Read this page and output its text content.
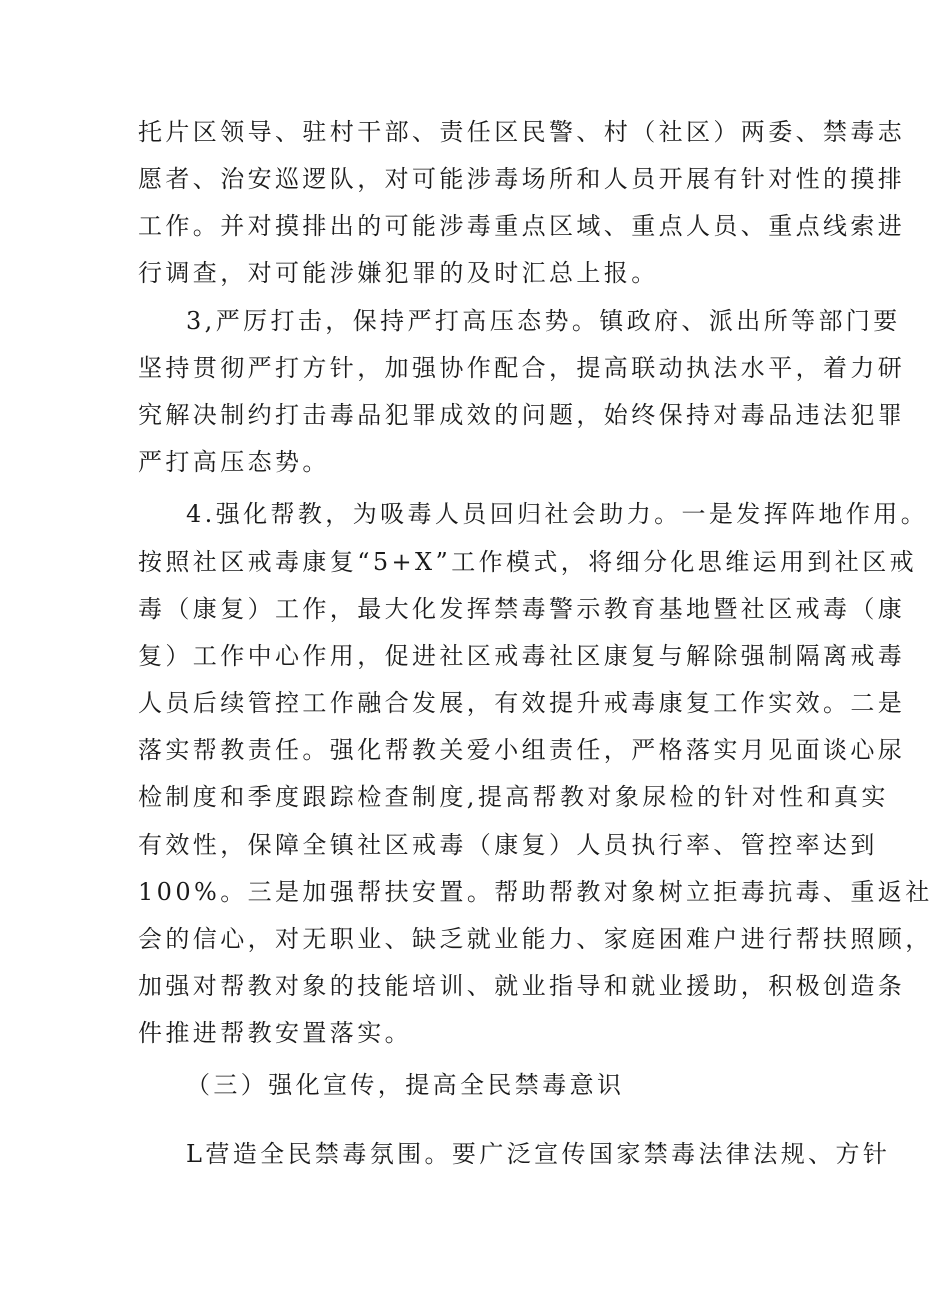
托片区领导、驻村干部、责任区民警、村（社区）两委、禁毒志
愿者、治安巡逻队，对可能涉毒场所和人员开展有针对性的摸排
工作。并对摸排出的可能涉毒重点区域、重点人员、重点线索进
行调查，对可能涉嫌犯罪的及时汇总上报。
3,严厉打击，保持严打高压态势。镇政府、派出所等部门要
坚持贯彻严打方针，加强协作配合，提高联动执法水平，着力研
究解决制约打击毒品犯罪成效的问题，始终保持对毒品违法犯罪
严打高压态势。
4.强化帮教，为吸毒人员回归社会助力。一是发挥阵地作用。
按照社区戒毒康复“5+X”工作模式，将细分化思维运用到社区戒
毒（康复）工作，最大化发挥禁毒警示教育基地暨社区戒毒（康
复）工作中心作用，促进社区戒毒社区康复与解除强制隔离戒毒
人员后续管控工作融合发展，有效提升戒毒康复工作实效。二是
落实帮教责任。强化帮教关爱小组责任，严格落实月见面谈心尿
检制度和季度跟踪检查制度,提高帮教对象尿检的针对性和真实
有效性，保障全镇社区戒毒（康复）人员执行率、管控率达到
100%。三是加强帮扶安置。帮助帮教对象树立拒毒抗毒、重返社
会的信心，对无职业、缺乏就业能力、家庭困难户进行帮扶照顾，
加强对帮教对象的技能培训、就业指导和就业援助，积极创造条
件推进帮教安置落实。
（三）强化宣传，提高全民禁毒意识
L营造全民禁毒氛围。要广泛宣传国家禁毒法律法规、方针
